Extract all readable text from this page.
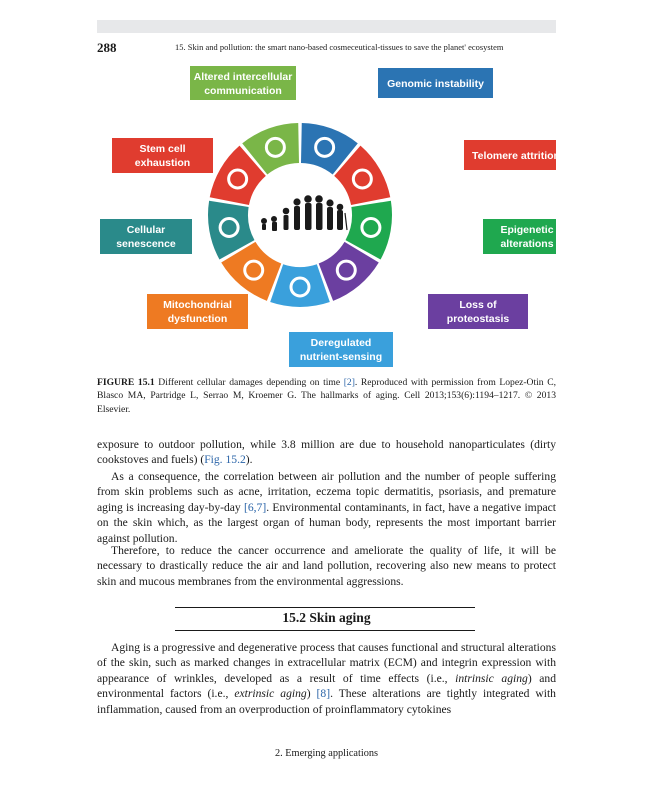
288	15. Skin and pollution: the smart nano-based cosmeceutical-tissues to save the planet' ecosystem
Altered intercellular
communication
Genomic instability
Stem cell
exhaustion
Telomere attrition
Cellular
senescence
Epigenetic
alterations
Mitochondrial
dysfunction
Loss of
proteostasis
Deregulated
nutrient-sensing
FIGURE 15.1 Different cellular damages depending on time [2]. Reproduced with permission from Lopez-Otin C, Blasco MA, Partridge L, Serrao M, Kroemer G. The hallmarks of aging. Cell 2013;153(6):1194–1217. © 2013 Elsevier.

exposure to outdoor pollution, while 3.8 million are due to household nanoparticulates (dirty cookstoves and fuels) (Fig. 15.2).

As a consequence, the correlation between air pollution and the number of people suffering from skin problems such as acne, irritation, eczema topic dermatitis, psoriasis, and premature aging is increasing day-by-day [6,7]. Environmental contaminants, in fact, have a negative impact on the skin which, as the largest organ of human body, represents the most important barrier against pollution.

Therefore, to reduce the cancer occurrence and ameliorate the quality of life, it will be necessary to drastically reduce the air and land pollution, recovering also new means to protect skin and mucous membranes from the environmental aggressions.

15.2 Skin aging

Aging is a progressive and degenerative process that causes functional and structural alterations of the skin, such as marked changes in extracellular matrix (ECM) and integrin expression with appearance of wrinkles, developed as a result of time effects (i.e., intrinsic aging) and environmental factors (i.e., extrinsic aging) [8]. These alterations are tightly integrated with inflammation, caused from an overproduction of proinflammatory cytokines

2. Emerging applications
